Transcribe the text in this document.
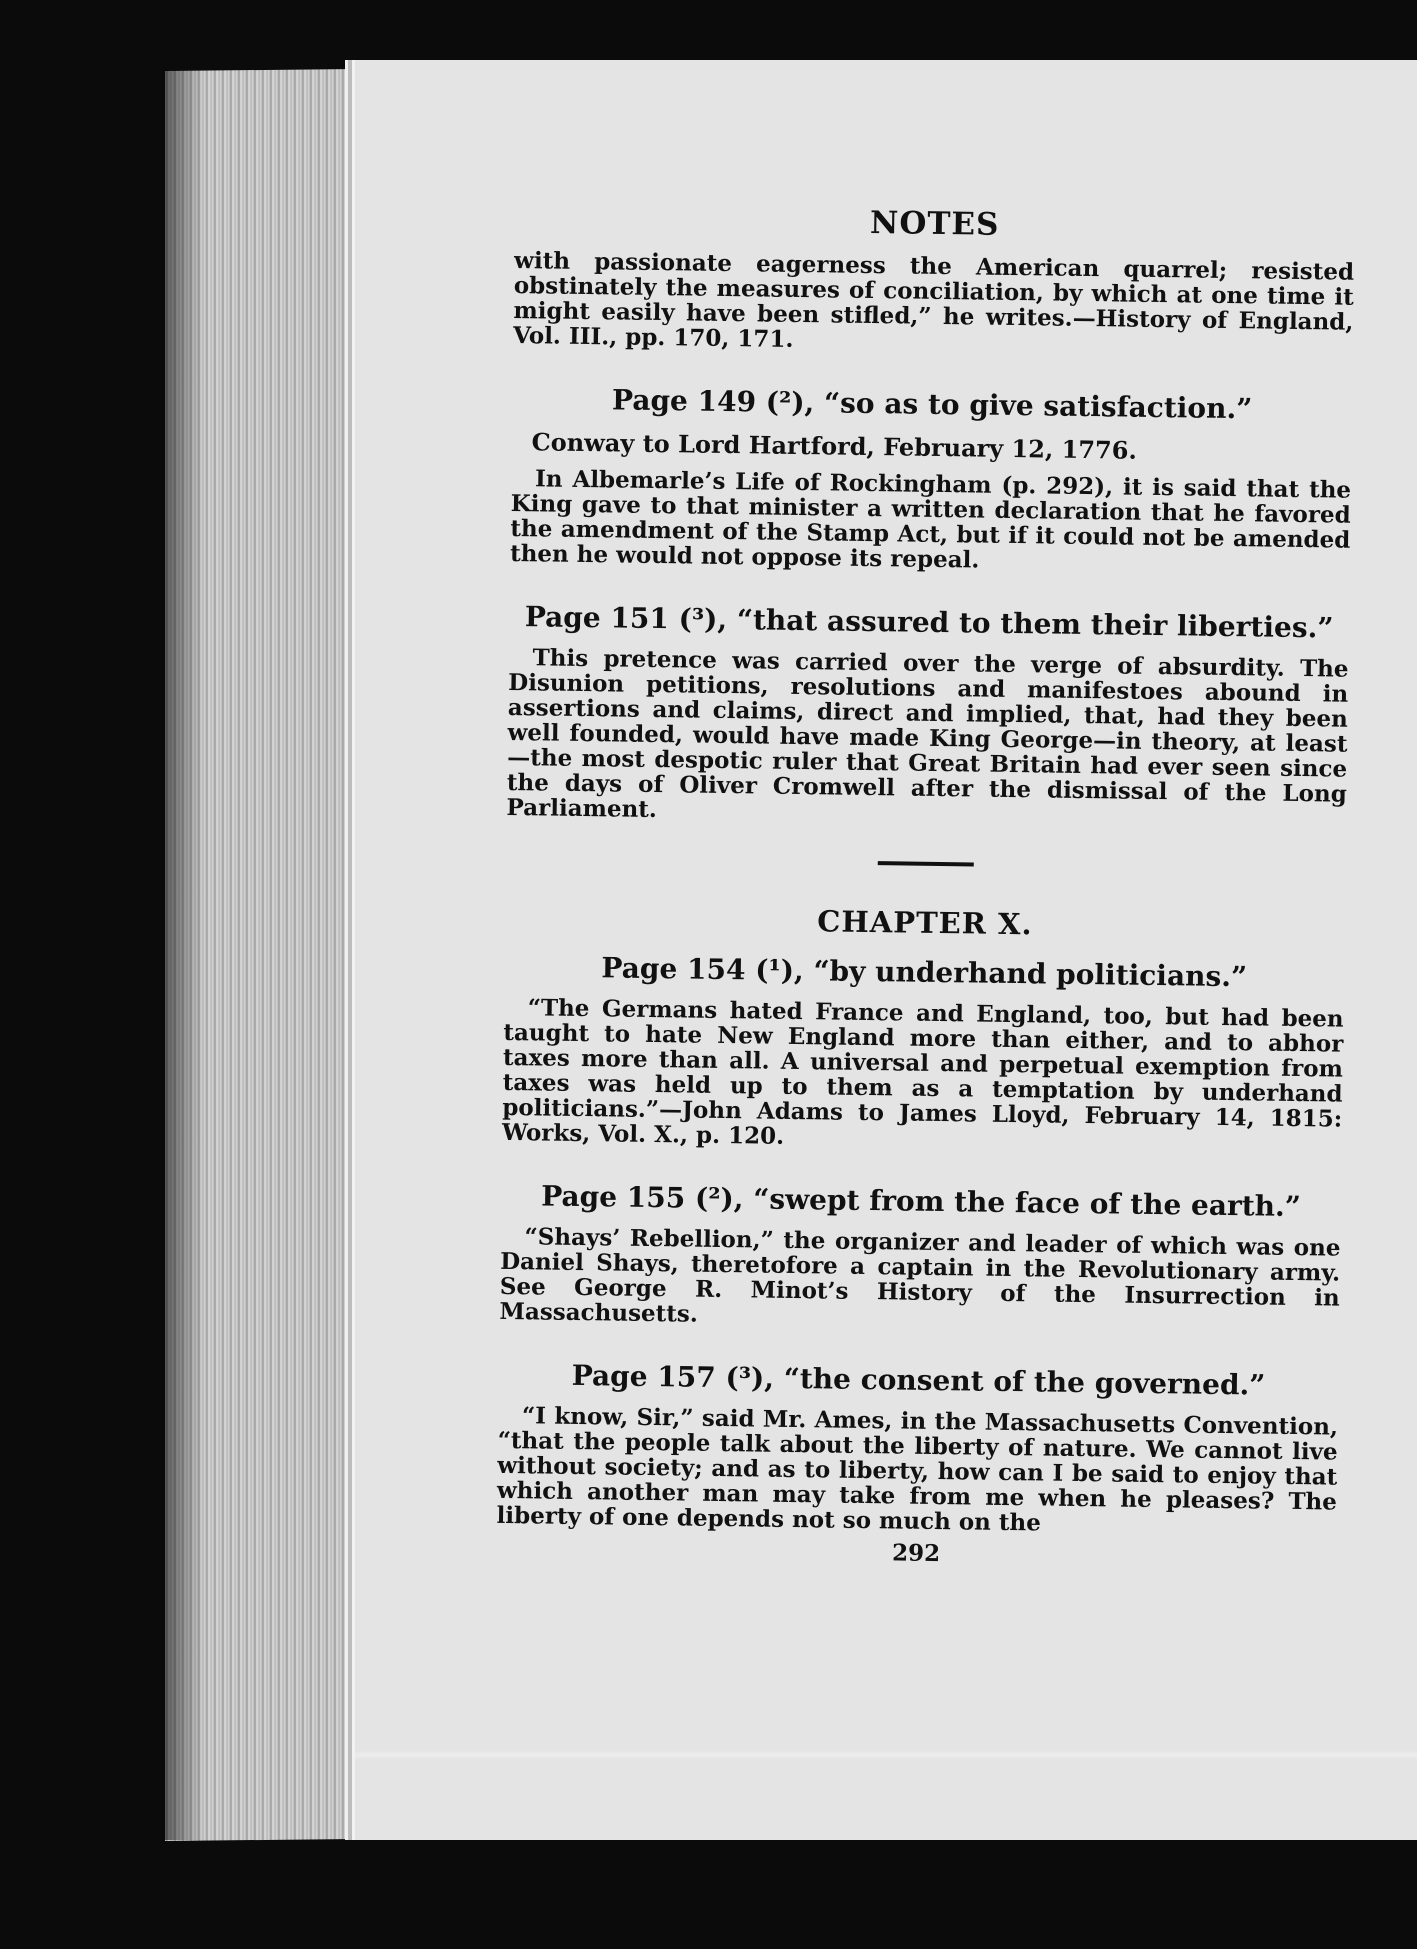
NOTES

with passionate eagerness the American quarrel; resisted obstinately the measures of conciliation, by which at one time it might easily have been stifled,” he writes.—History of England, Vol. III., pp. 170, 171.

Page 149 (²), “so as to give satisfaction.”
Conway to Lord Hartford, February 12, 1776.

In Albemarle’s Life of Rockingham (p. 292), it is said that the King gave to that minister a written declaration that he favored the amendment of the Stamp Act, but if it could not be amended then he would not oppose its repeal.

Page 151 (³), “that assured to them their liberties.”

This pretence was carried over the verge of absurdity. The Disunion petitions, resolutions and manifestoes abound in assertions and claims, direct and implied, that, had they been well founded, would have made King George—in theory, at least—the most despotic ruler that Great Britain had ever seen since the days of Oliver Cromwell after the dismissal of the Long Parliament.

CHAPTER X.
Page 154 (¹), “by underhand politicians.”

“The Germans hated France and England, too, but had been taught to hate New England more than either, and to abhor taxes more than all. A universal and perpetual exemption from taxes was held up to them as a temptation by underhand politicians.”—John Adams to James Lloyd, February 14, 1815: Works, Vol. X., p. 120.

Page 155 (²), “swept from the face of the earth.”

“Shays’ Rebellion,” the organizer and leader of which was one Daniel Shays, theretofore a captain in the Revolutionary army. See George R. Minot’s History of the Insurrection in Massachusetts.

Page 157 (³), “the consent of the governed.”

“I know, Sir,” said Mr. Ames, in the Massachusetts Convention, “that the people talk about the liberty of nature. We cannot live without society; and as to liberty, how can I be said to enjoy that which another man may take from me when he pleases? The liberty of one depends not so much on the

292
